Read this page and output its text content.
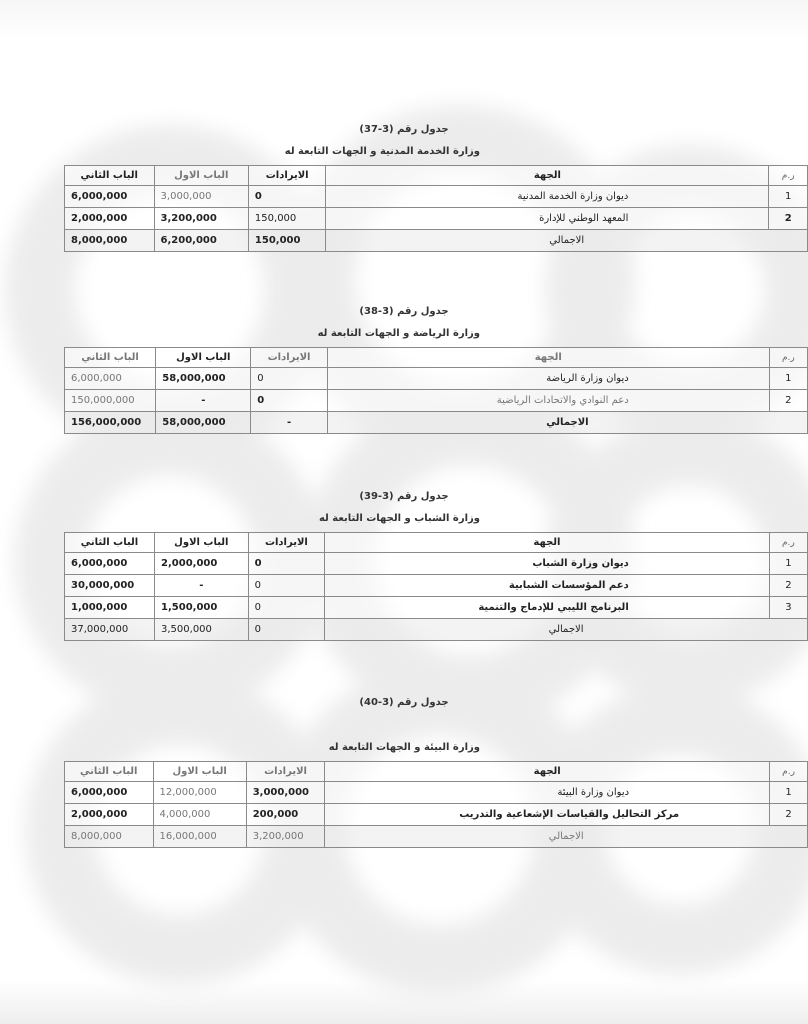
جدول رقم (3-37)
وزارة الخدمة المدنية و الجهات التابعة له
ر.م	الجهة	الايرادات	الباب الاول	الباب الثاني
1	ديوان وزارة الخدمة المدنية	0	3,000,000	6,000,000
2	المعهد الوطني للإدارة	150,000	3,200,000	2,000,000
الاجمالي		150,000	6,200,000	8,000,000
جدول رقم (3-38)
وزارة الرياضة و الجهات التابعة له
ر.م	الجهة	الايرادات	الباب الاول	الباب الثاني
1	ديوان وزارة الرياضة	0	58,000,000	6,000,000
2	دعم النوادي والاتحادات الرياضية	0	-	150,000,000
الاجمالي		-	58,000,000	156,000,000
جدول رقم (3-39)
وزارة الشباب و الجهات التابعة له
ر.م	الجهة	الايرادات	الباب الاول	الباب الثاني
1	ديوان وزارة الشباب	0	2,000,000	6,000,000
2	دعم المؤسسات الشبابية	0	-	30,000,000
3	البرنامج الليبي للإدماج والتنمية	0	1,500,000	1,000,000
الاجمالي		0	3,500,000	37,000,000
جدول رقم (3-40)
وزارة البيئة و الجهات التابعة له
ر.م	الجهة	الايرادات	الباب الاول	الباب الثاني
1	ديوان وزارة البيئة	3,000,000	12,000,000	6,000,000
2	مركز التحاليل والقياسات الإشعاعية والتدريب	200,000	4,000,000	2,000,000
الاجمالي		3,200,000	16,000,000	8,000,000
